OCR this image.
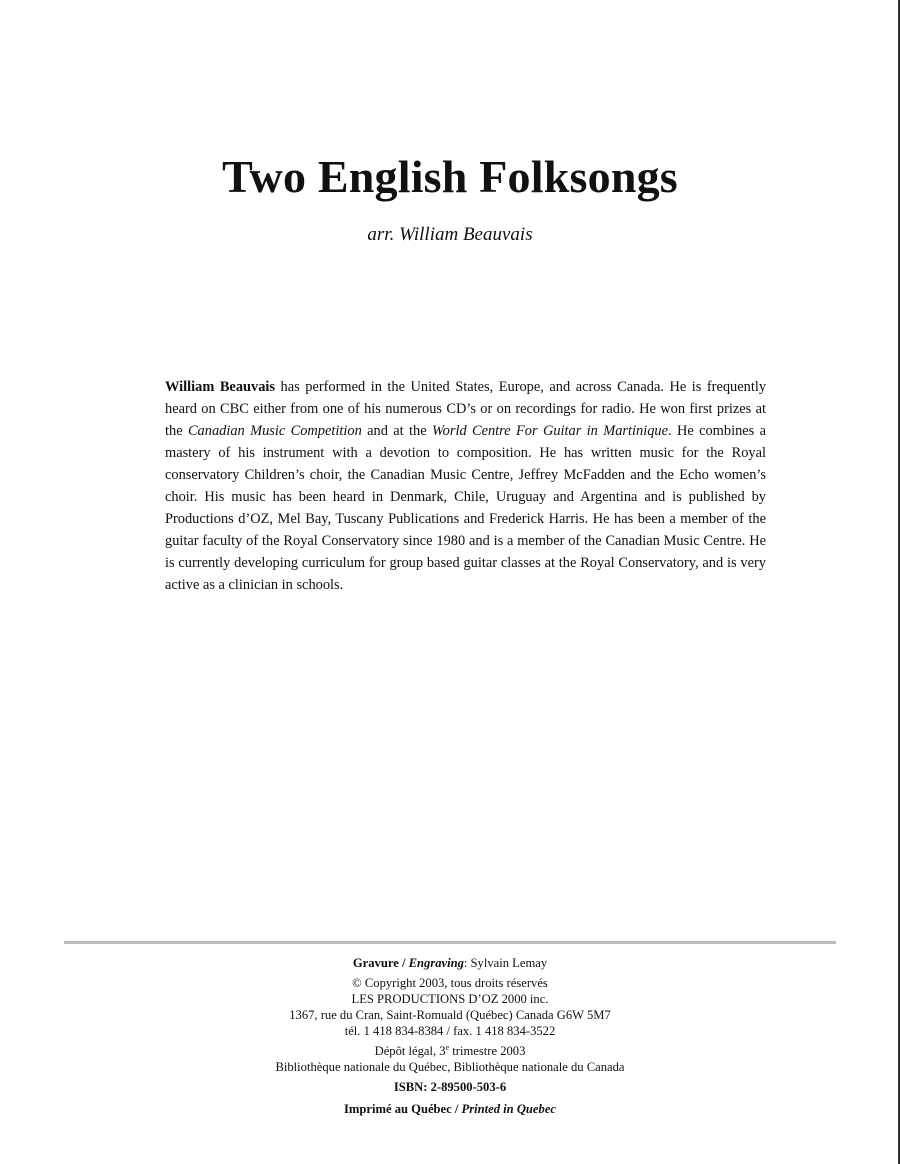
Two English Folksongs
arr. William Beauvais

William Beauvais has performed in the United States, Europe, and across Canada. He is frequently heard on CBC either from one of his numerous CD’s or on recordings for radio. He won first prizes at the Canadian Music Competition and at the World Centre For Guitar in Martinique. He combines a mastery of his instrument with a devotion to composition. He has written music for the Royal conservatory Children’s choir, the Canadian Music Centre, Jeffrey McFadden and the Echo women’s choir. His music has been heard in Denmark, Chile, Uruguay and Argentina and is published by Productions d’OZ, Mel Bay, Tuscany Publications and Frederick Harris. He has been a member of the guitar faculty of the Royal Conservatory since 1980 and is a member of the Canadian Music Centre. He is currently developing curriculum for group based guitar classes at the Royal Conservatory, and is very active as a clinician in schools.

Gravure / Engraving: Sylvain Lemay
© Copyright 2003, tous droits réservés
LES PRODUCTIONS D’OZ 2000 inc.
1367, rue du Cran, Saint-Romuald (Québec) Canada G6W 5M7
tél. 1 418 834-8384 / fax. 1 418 834-3522
Dépôt légal, 3e trimestre 2003
Bibliothèque nationale du Québec, Bibliothèque nationale du Canada
ISBN: 2-89500-503-6
Imprimé au Québec / Printed in Quebec
